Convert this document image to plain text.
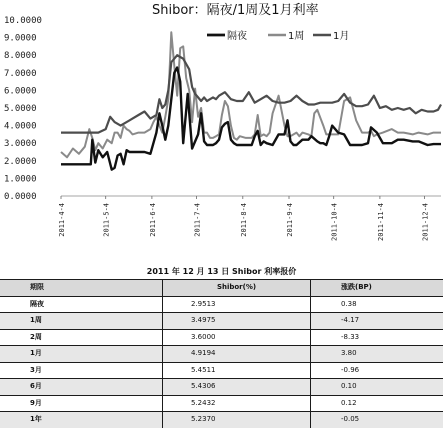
Shibor：隔夜/1周及1月利率
10.0000
9.0000
8.0000
7.0000
6.0000
5.0000
4.0000
3.0000
2.0000
1.0000
0.0000
2011-4-4	2011-5-4	2011-6-4	2011-7-4	2011-8-4	2011-9-4	2011-10-4	2011-11-4	2011-12-4
隔夜	1周	1月
2011 年 12 月 13 日 Shibor 利率报价
期限	Shibor(%)	涨跌(BP)
隔夜	2.9513	0.38
1周	3.4975	-4.17
2周	3.6000	-8.33
1月	4.9194	3.80
3月	5.4511	-0.96
6月	5.4306	0.10
9月	5.2432	0.12
1年	5.2370	-0.05
